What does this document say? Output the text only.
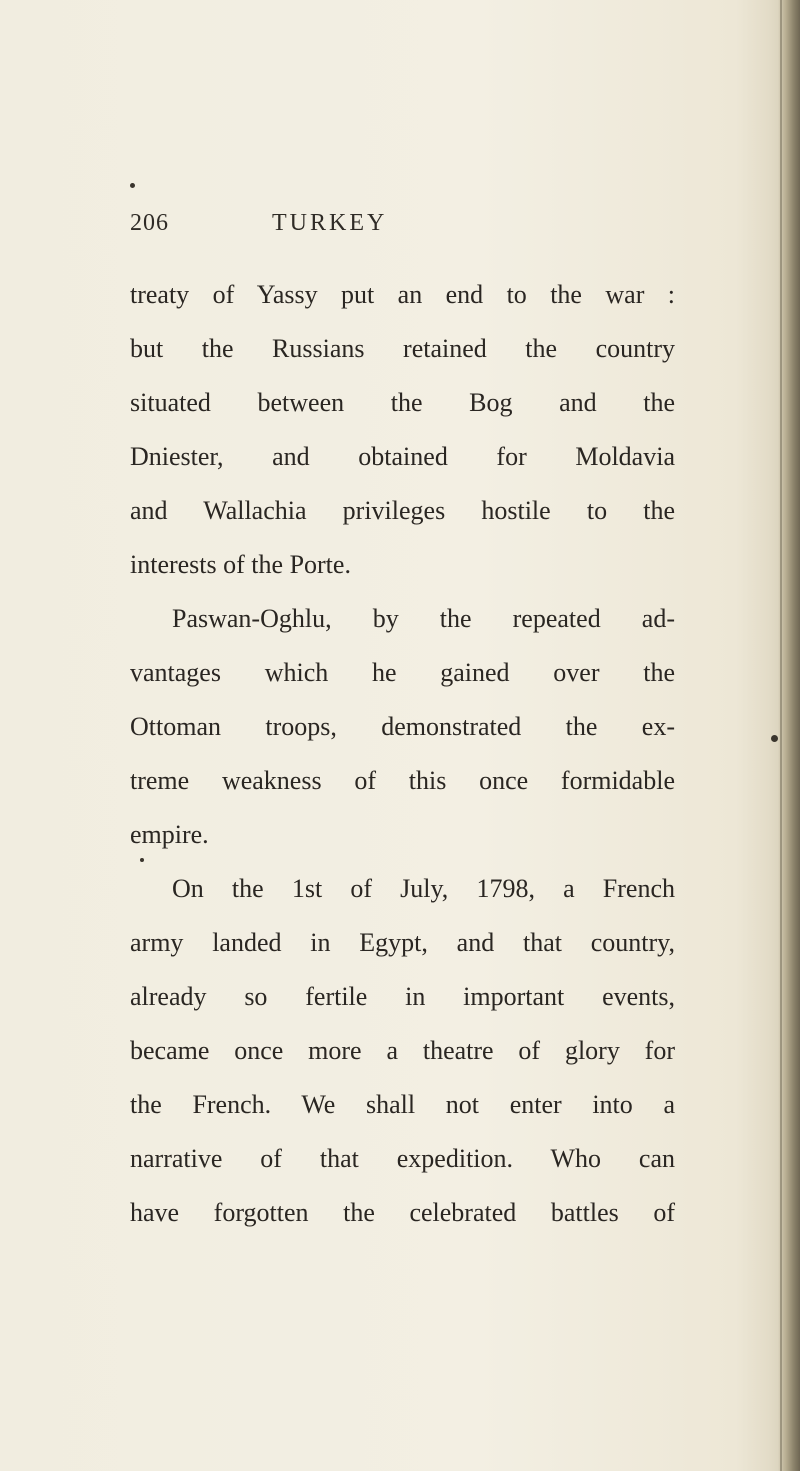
206	TURKEY
treaty of Yassy put an end to the war :
but the Russians retained the country
situated between the Bog and the
Dniester, and obtained for Moldavia
and Wallachia privileges hostile to the
interests of the Porte.
Paswan-Oghlu, by the repeated ad-
vantages which he gained over the
Ottoman troops, demonstrated the ex-
treme weakness of this once formidable
empire.
On the 1st of July, 1798, a French
army landed in Egypt, and that country,
already so fertile in important events,
became once more a theatre of glory for
the French. We shall not enter into a
narrative of that expedition. Who can
have forgotten the celebrated battles of
